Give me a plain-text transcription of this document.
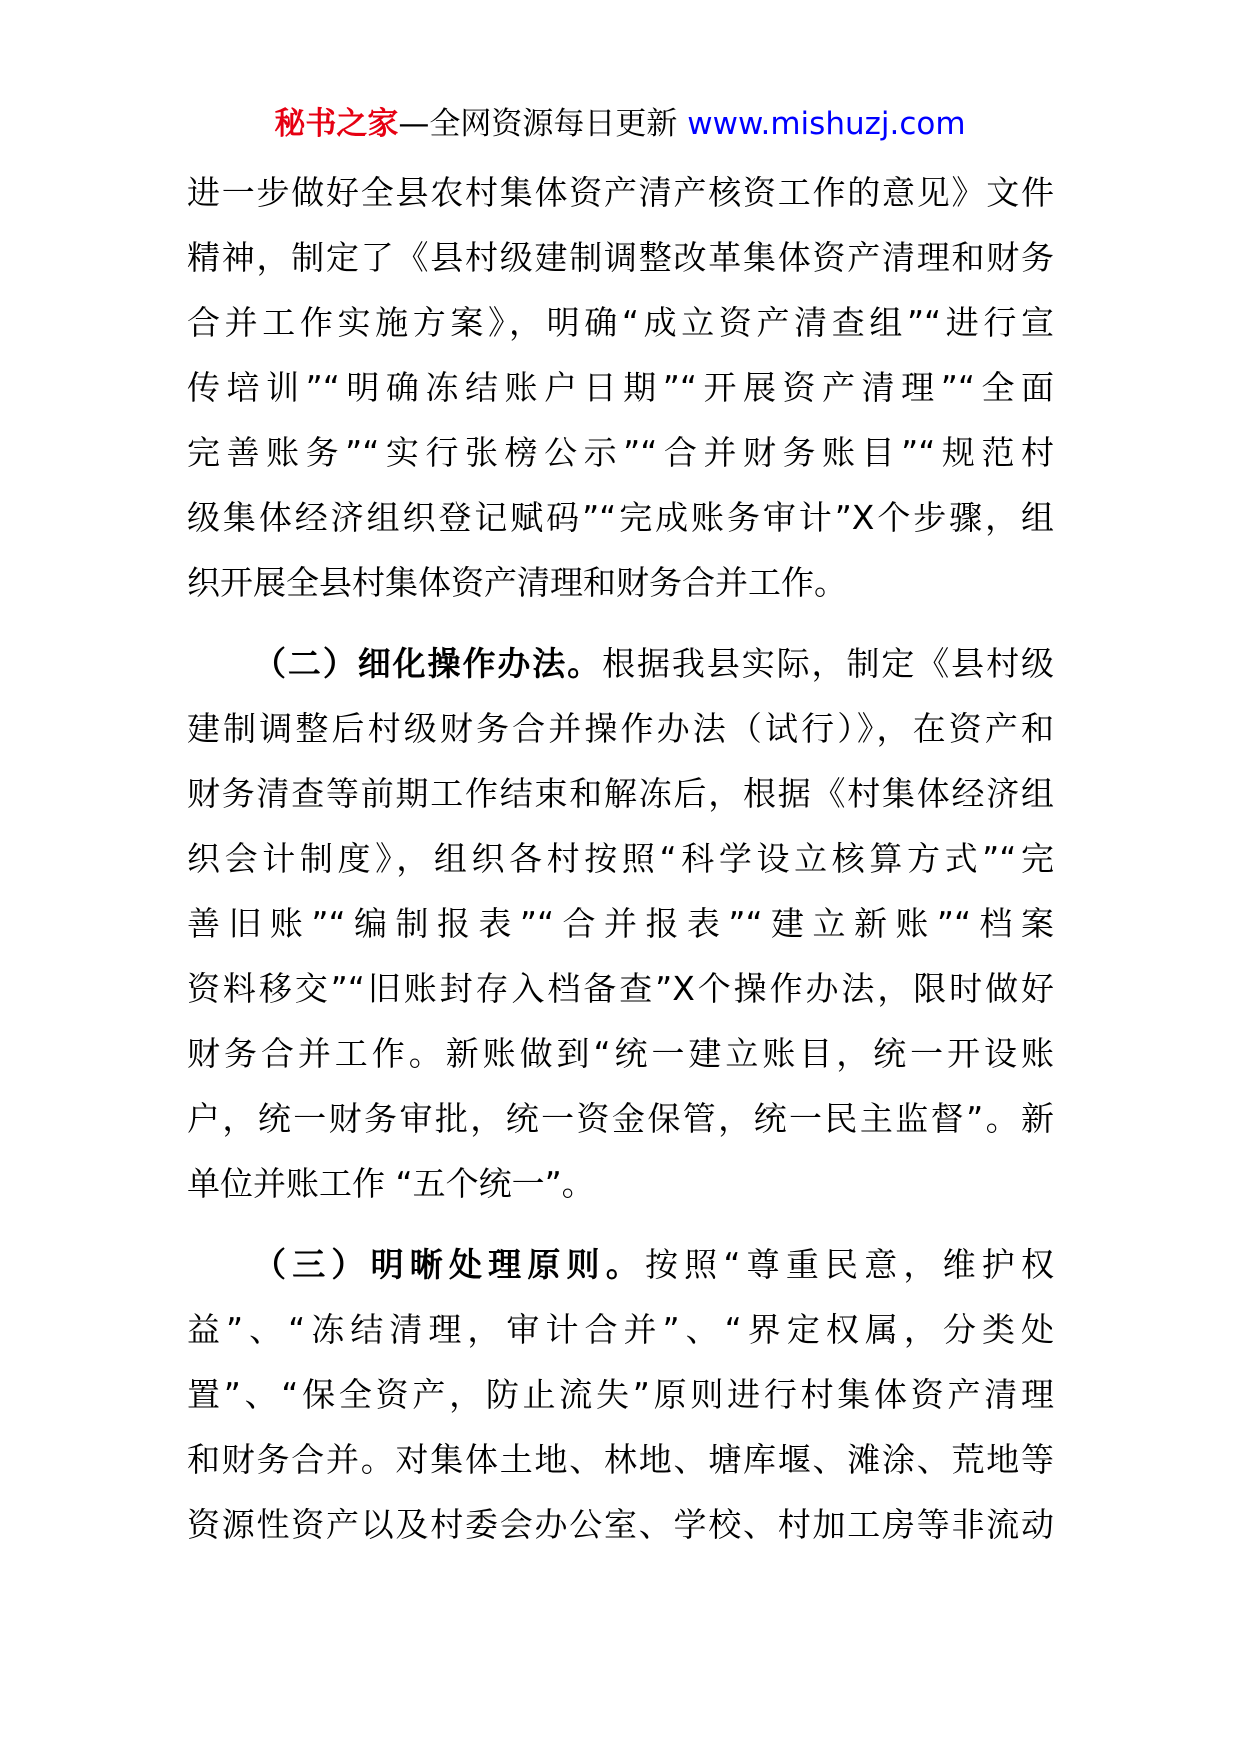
秘书之家—全网资源每日更新 www.mishuzj.com
进一步做好全县农村集体资产清产核资工作的意见》文件
精神，制定了《县村级建制调整改革集体资产清理和财务
合并工作实施方案》，明确“成立资产清查组”“进行宣
传培训”“明确冻结账户日期”“开展资产清理”“全面
完善账务”“实行张榜公示”“合并财务账目”“规范村
级集体经济组织登记赋码”“完成账务审计”X个步骤，组
织开展全县村集体资产清理和财务合并工作。
（二）细化操作办法。根据我县实际，制定《县村级
建制调整后村级财务合并操作办法（试行）》，在资产和
财务清查等前期工作结束和解冻后，根据《村集体经济组
织会计制度》，组织各村按照“科学设立核算方式”“完
善旧账”“编制报表”“合并报表”“建立新账”“档案
资料移交”“旧账封存入档备查”X个操作办法，限时做好
财务合并工作。新账做到“统一建立账目，统一开设账
户，统一财务审批，统一资金保管，统一民主监督”。新
单位并账工作 “五个统一”。
（三）明晰处理原则。按照“尊重民意，维护权
益”、“冻结清理，审计合并”、“界定权属，分类处
置”、“保全资产，防止流失”原则进行村集体资产清理
和财务合并。对集体土地、林地、塘库堰、滩涂、荒地等
资源性资产以及村委会办公室、学校、村加工房等非流动
